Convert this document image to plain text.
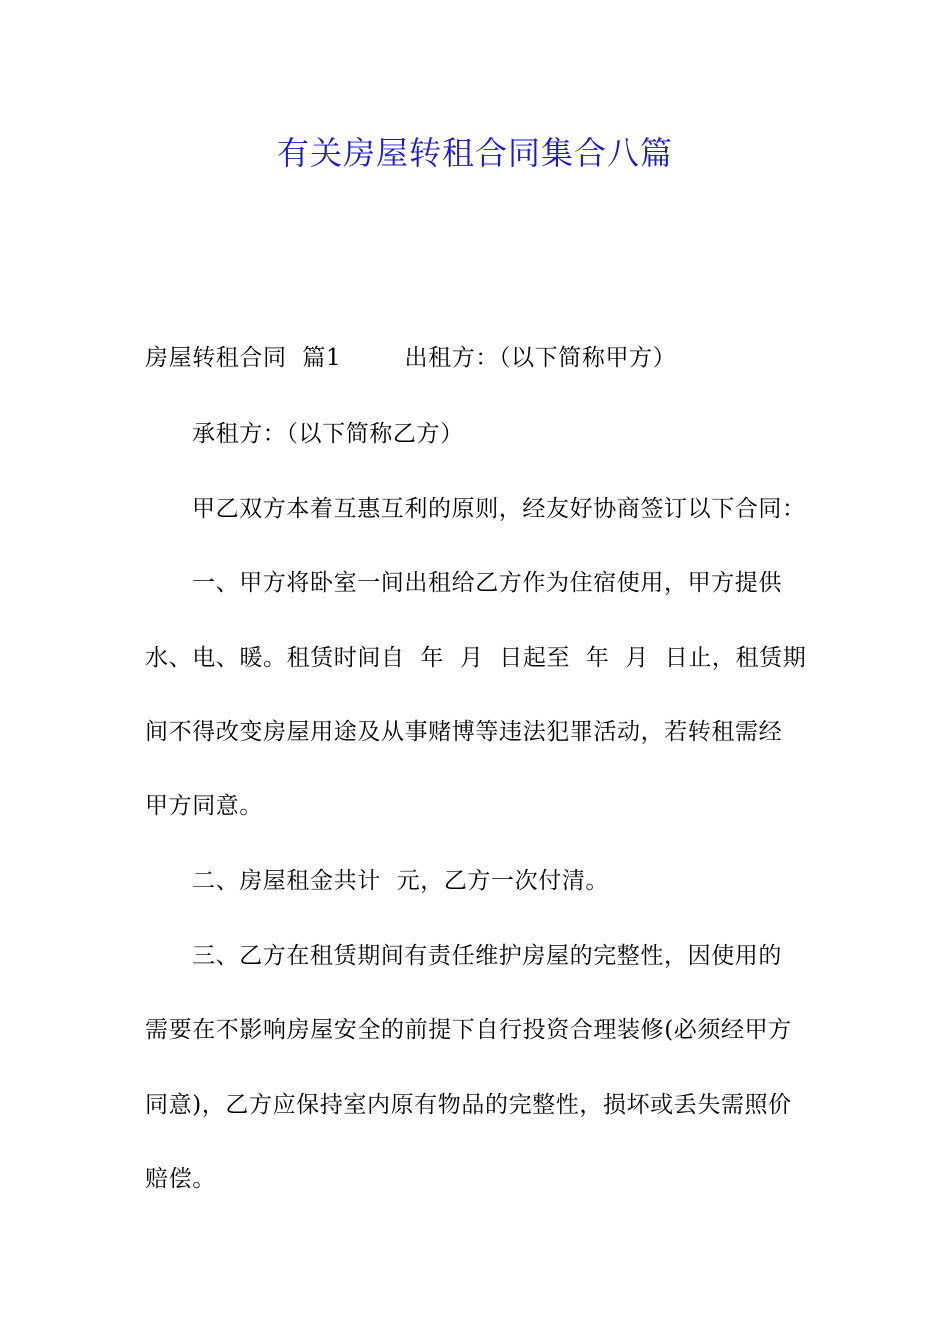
有关房屋转租合同集合八篇

房屋转租合同  篇1        出租方：（以下简称甲方）

承租方：（以下简称乙方）

甲乙双方本着互惠互利的原则，经友好协商签订以下合同：

一、甲方将卧室一间出租给乙方作为住宿使用，甲方提供

水、电、暖。租赁时间自  年  月  日起至  年  月  日止，租赁期

间不得改变房屋用途及从事赌博等违法犯罪活动，若转租需经

甲方同意。

二、房屋租金共计  元，乙方一次付清。

三、乙方在租赁期间有责任维护房屋的完整性，因使用的

需要在不影响房屋安全的前提下自行投资合理装修(必须经甲方

同意)，乙方应保持室内原有物品的完整性，损坏或丢失需照价

赔偿。
